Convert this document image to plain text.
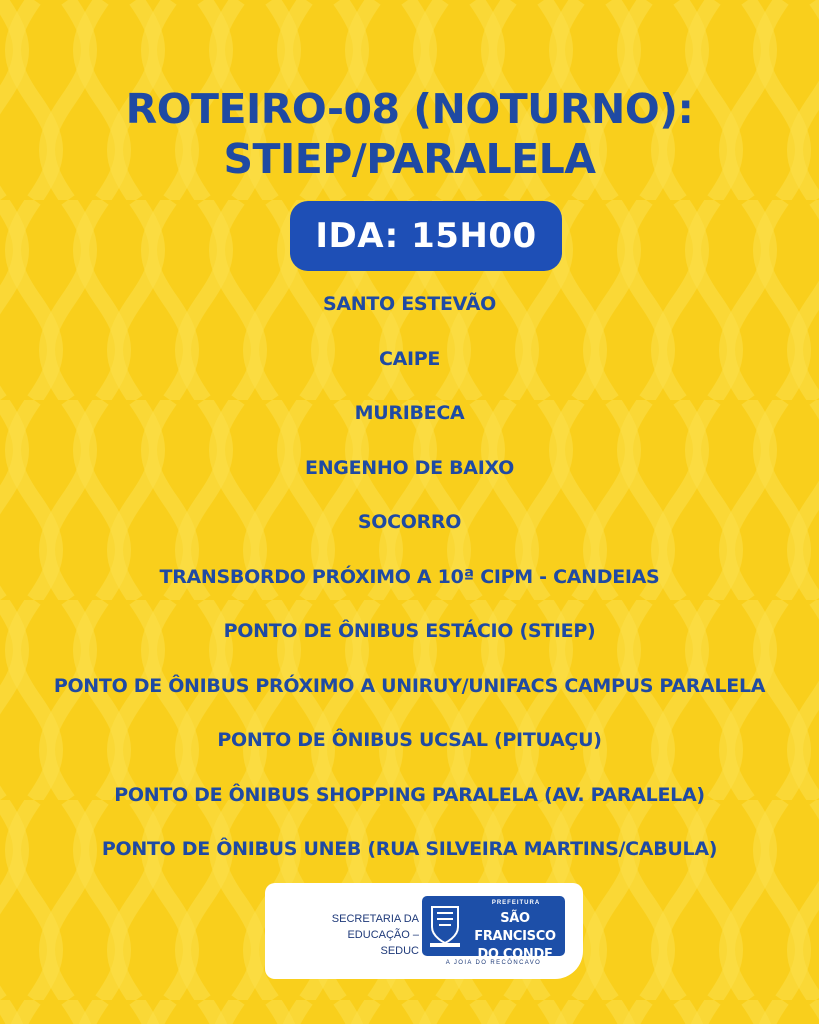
ROTEIRO-08 (NOTURNO):
STIEP/PARALELA
IDA: 15H00
SANTO ESTEVÃO
CAIPE
MURIBECA
ENGENHO DE BAIXO
SOCORRO
TRANSBORDO PRÓXIMO A 10ª CIPM - CANDEIAS
PONTO DE ÔNIBUS ESTÁCIO (STIEP)
PONTO DE ÔNIBUS PRÓXIMO A UNIRUY/UNIFACS CAMPUS PARALELA
PONTO DE ÔNIBUS UCSAL (PITUAÇU)
PONTO DE ÔNIBUS SHOPPING PARALELA (AV. PARALELA)
PONTO DE ÔNIBUS UNEB (RUA SILVEIRA MARTINS/CABULA)
SECRETARIA DA EDUCAÇÃO –
SEDUC
PREFEITURA
SÃO FRANCISCO
DO CONDE
A JOIA DO RECÔNCAVO
